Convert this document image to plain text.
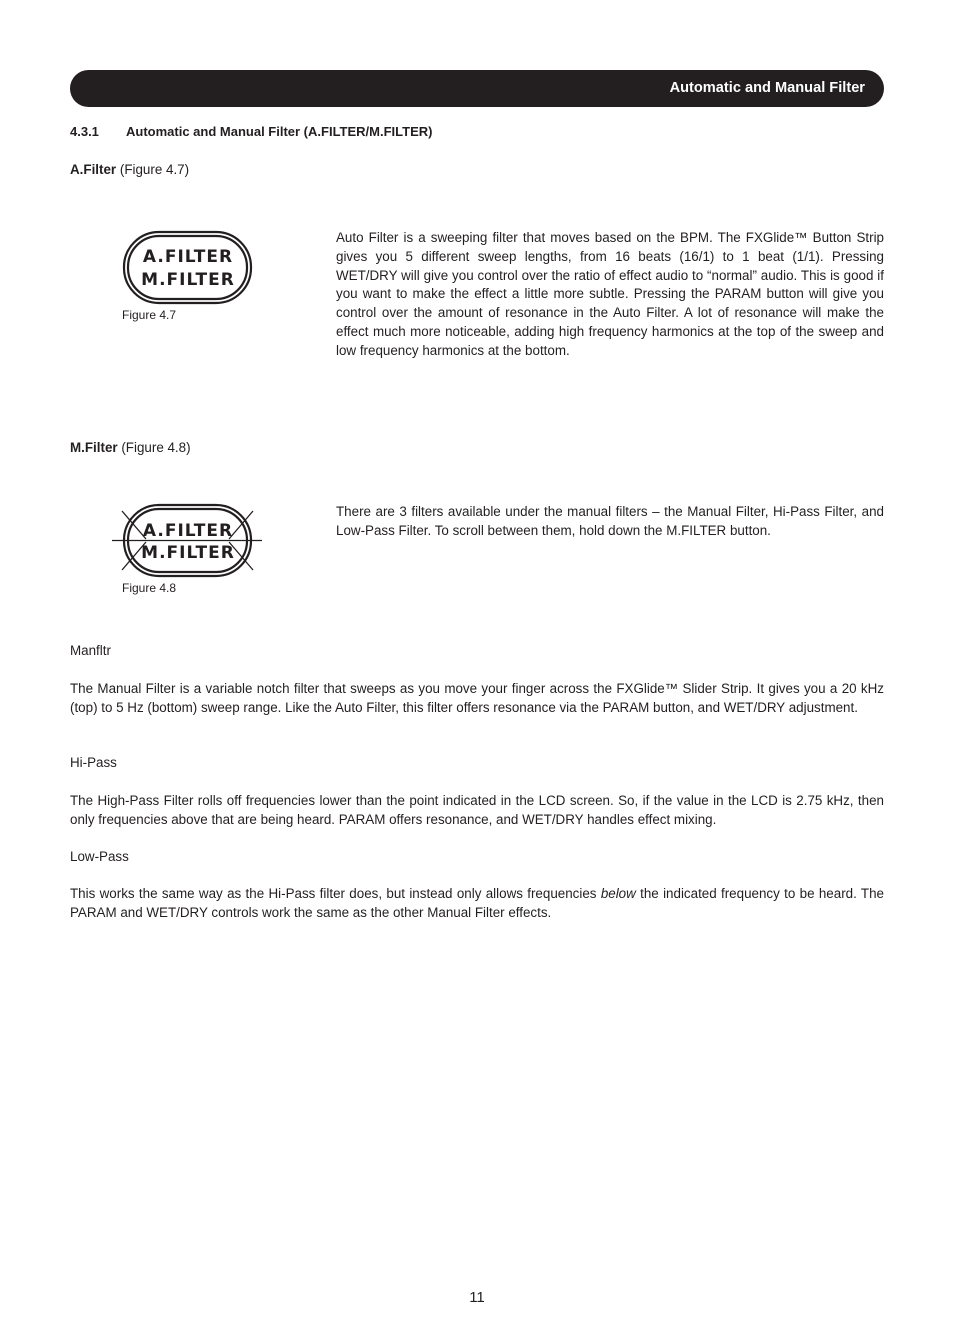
Automatic and Manual Filter
4.3.1 Automatic and Manual Filter (A.FILTER/M.FILTER)
A.Filter (Figure 4.7)
A.FILTER
M.FILTER
Figure 4.7
Auto Filter is a sweeping filter that moves based on the BPM. The FXGlide™ Button Strip gives you 5 different sweep lengths, from 16 beats (16/1) to 1 beat (1/1). Pressing WET/DRY will give you control over the ratio of effect audio to “normal” audio. This is good if you want to make the effect a little more subtle. Pressing the PARAM button will give you control over the amount of resonance in the Auto Filter. A lot of resonance will make the effect much more noticeable, adding high frequency harmonics at the top of the sweep and low frequency harmonics at the bottom.
M.Filter (Figure 4.8)
A.FILTER
M.FILTER
Figure 4.8
There are 3 filters available under the manual filters – the Manual Filter, Hi-Pass Filter, and Low-Pass Filter. To scroll between them, hold down the M.FILTER button.
Manfltr
The Manual Filter is a variable notch filter that sweeps as you move your finger across the FXGlide™ Slider Strip. It gives you a 20 kHz (top) to 5 Hz (bottom) sweep range. Like the Auto Filter, this filter offers resonance via the PARAM button, and WET/DRY adjustment.
Hi-Pass
The High-Pass Filter rolls off frequencies lower than the point indicated in the LCD screen. So, if the value in the LCD is 2.75 kHz, then only frequencies above that are being heard. PARAM offers resonance, and WET/DRY handles effect mixing.
Low-Pass
This works the same way as the Hi-Pass filter does, but instead only allows frequencies below the indicated frequency to be heard. The PARAM and WET/DRY controls work the same as the other Manual Filter effects.
11
